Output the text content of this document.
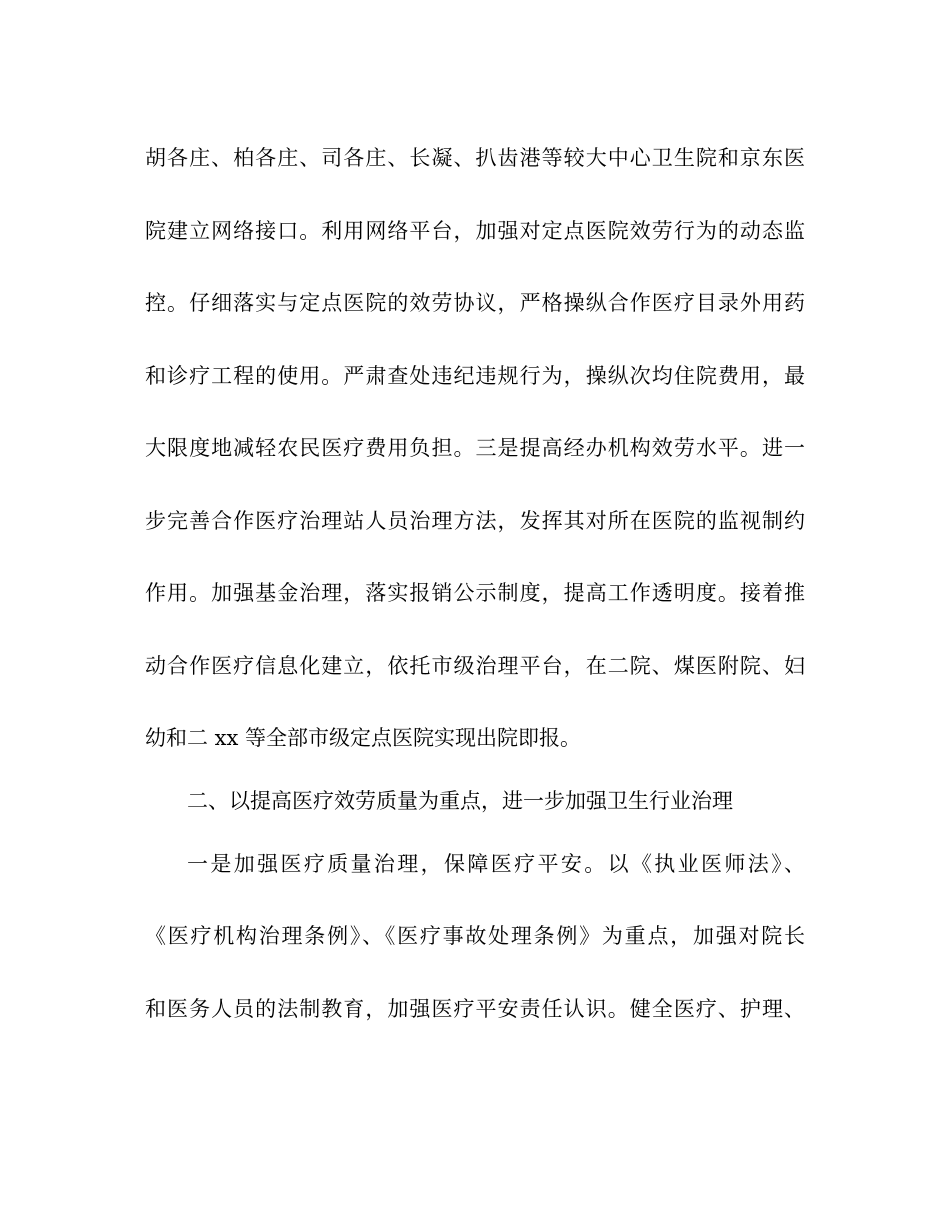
胡各庄、柏各庄、司各庄、长凝、扒齿港等较大中心卫生院和京东医

院建立网络接口。利用网络平台，加强对定点医院效劳行为的动态监

控。仔细落实与定点医院的效劳协议，严格操纵合作医疗目录外用药

和诊疗工程的使用。严肃查处违纪违规行为，操纵次均住院费用，最

大限度地减轻农民医疗费用负担。三是提高经办机构效劳水平。进一

步完善合作医疗治理站人员治理方法，发挥其对所在医院的监视制约

作用。加强基金治理，落实报销公示制度，提高工作透明度。接着推

动合作医疗信息化建立，依托市级治理平台，在二院、煤医附院、妇

幼和二 xx 等全部市级定点医院实现出院即报。

二、以提高医疗效劳质量为重点，进一步加强卫生行业治理

一是加强医疗质量治理，保障医疗平安。以《执业医师法》、

《医疗机构治理条例》、《医疗事故处理条例》为重点，加强对院长

和医务人员的法制教育，加强医疗平安责任认识。健全医疗、护理、
